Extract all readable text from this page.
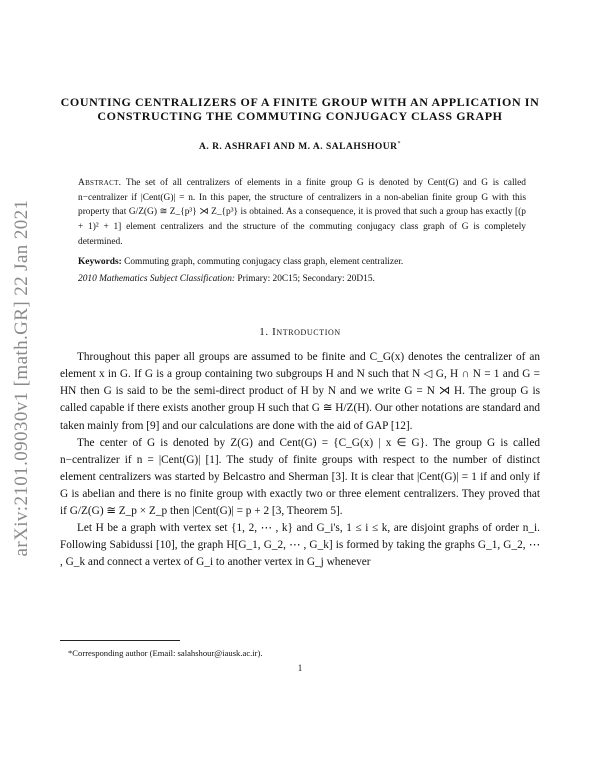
arXiv:2101.09030v1 [math.GR] 22 Jan 2021
COUNTING CENTRALIZERS OF A FINITE GROUP WITH AN APPLICATION IN CONSTRUCTING THE COMMUTING CONJUGACY CLASS GRAPH
A. R. ASHRAFI AND M. A. SALAHSHOUR*
Abstract. The set of all centralizers of elements in a finite group G is denoted by Cent(G) and G is called n−centralizer if |Cent(G)| = n. In this paper, the structure of centralizers in a non-abelian finite group G with this property that G/Z(G) ≅ Z_{p³} ⋊ Z_{p³} is obtained. As a consequence, it is proved that such a group has exactly [(p + 1)² + 1] element centralizers and the structure of the commuting conjugacy class graph of G is completely determined.
Keywords: Commuting graph, commuting conjugacy class graph, element centralizer.
2010 Mathematics Subject Classification: Primary: 20C15; Secondary: 20D15.
1. Introduction

Throughout this paper all groups are assumed to be finite and C_G(x) denotes the centralizer of an element x in G. If G is a group containing two subgroups H and N such that N ◁ G, H ∩ N = 1 and G = HN then G is said to be the semi-direct product of H by N and we write G = N ⋊ H. The group G is called capable if there exists another group H such that G ≅ H/Z(H). Our other notations are standard and taken mainly from [9] and our calculations are done with the aid of GAP [12].

The center of G is denoted by Z(G) and Cent(G) = {C_G(x) | x ∈ G}. The group G is called n−centralizer if n = |Cent(G)| [1]. The study of finite groups with respect to the number of distinct element centralizers was started by Belcastro and Sherman [3]. It is clear that |Cent(G)| = 1 if and only if G is abelian and there is no finite group with exactly two or three element centralizers. They proved that if G/Z(G) ≅ Z_p × Z_p then |Cent(G)| = p + 2 [3, Theorem 5].

Let H be a graph with vertex set {1, 2, ⋯ , k} and G_i's, 1 ≤ i ≤ k, are disjoint graphs of order n_i. Following Sabidussi [10], the graph H[G_1, G_2, ⋯ , G_k] is formed by taking the graphs G_1, G_2, ⋯ , G_k and connect a vertex of G_i to another vertex in G_j whenever

*Corresponding author (Email: salahshour@iausk.ac.ir).
1
